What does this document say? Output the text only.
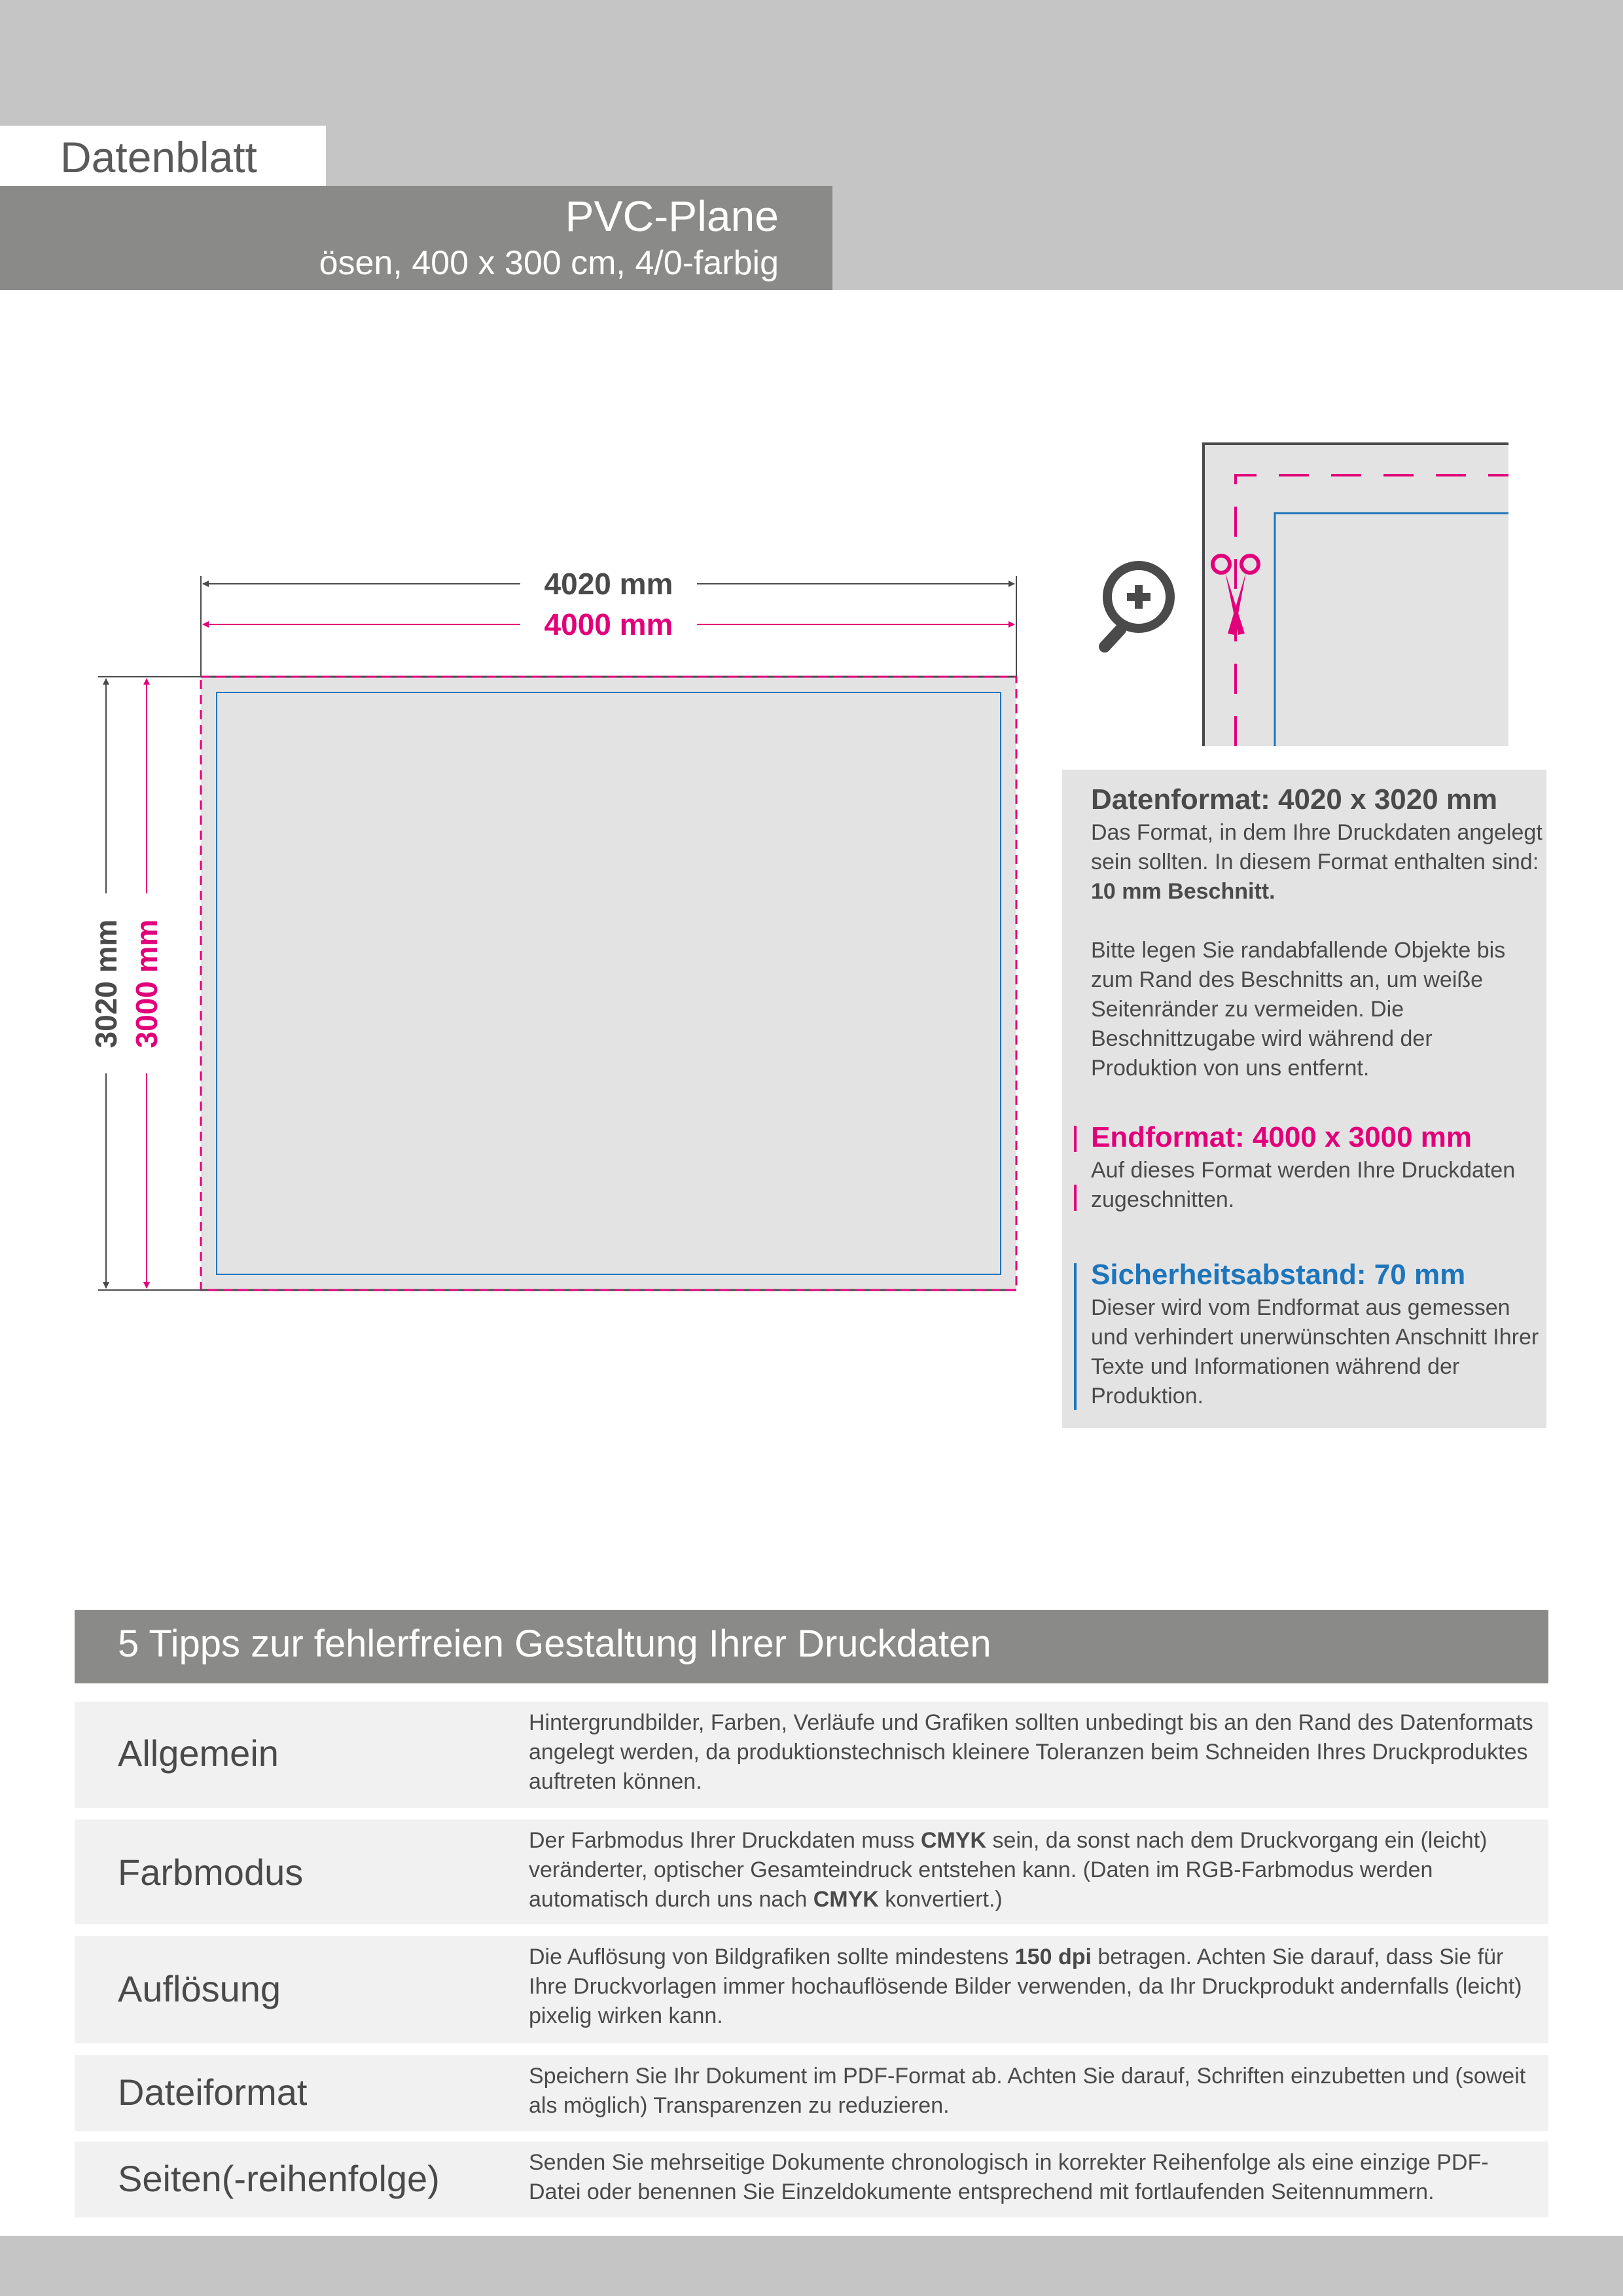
Datenblatt
PVC-Plane
ösen, 400 x 300 cm, 4/0-farbig
4020 mm
4000 mm
3020 mm 3000 mm
Datenformat: 4020 x 3020 mm

Das Format, in dem Ihre Druckdaten angelegt sein sollten. In diesem Format enthalten sind: 10 mm Beschnitt.

Bitte legen Sie randabfallende Objekte bis zum Rand des Beschnitts an, um weiße Seitenränder zu vermeiden. Die Beschnittzugabe wird während der Produktion von uns entfernt.

Endformat: 4000 x 3000 mm

Auf dieses Format werden Ihre Druckdaten zugeschnitten.

Sicherheitsabstand: 70 mm

Dieser wird vom Endformat aus gemessen und verhindert unerwünschten Anschnitt Ihrer Texte und Informationen während der Produktion.

5 Tipps zur fehlerfreien Gestaltung Ihrer Druckdaten
Allgemein
Hintergrundbilder, Farben, Verläufe und Grafiken sollten unbedingt bis an den Rand des Datenformats angelegt werden, da produktionstechnisch kleinere Toleranzen beim Schneiden Ihres Druckproduktes auftreten können.
Farbmodus
Der Farbmodus Ihrer Druckdaten muss CMYK sein, da sonst nach dem Druckvorgang ein (leicht) veränderter, optischer Gesamteindruck entstehen kann. (Daten im RGB-Farbmodus werden automatisch durch uns nach CMYK konvertiert.)
Auflösung
Die Auflösung von Bildgrafiken sollte mindestens 150 dpi betragen. Achten Sie darauf, dass Sie für Ihre Druckvorlagen immer hochauflösende Bilder verwenden, da Ihr Druckprodukt andernfalls (leicht) pixelig wirken kann.
Dateiformat	Speichern Sie Ihr Dokument im PDF-Format ab. Achten Sie darauf, Schriften einzubetten und (soweit als möglich) Transparenzen zu reduzieren.
Seiten(-reihenfolge)	Senden Sie mehrseitige Dokumente chronologisch in korrekter Reihenfolge als eine einzige PDF-Datei oder benennen Sie Einzeldokumente entsprechend mit fortlaufenden Seitennummern.
